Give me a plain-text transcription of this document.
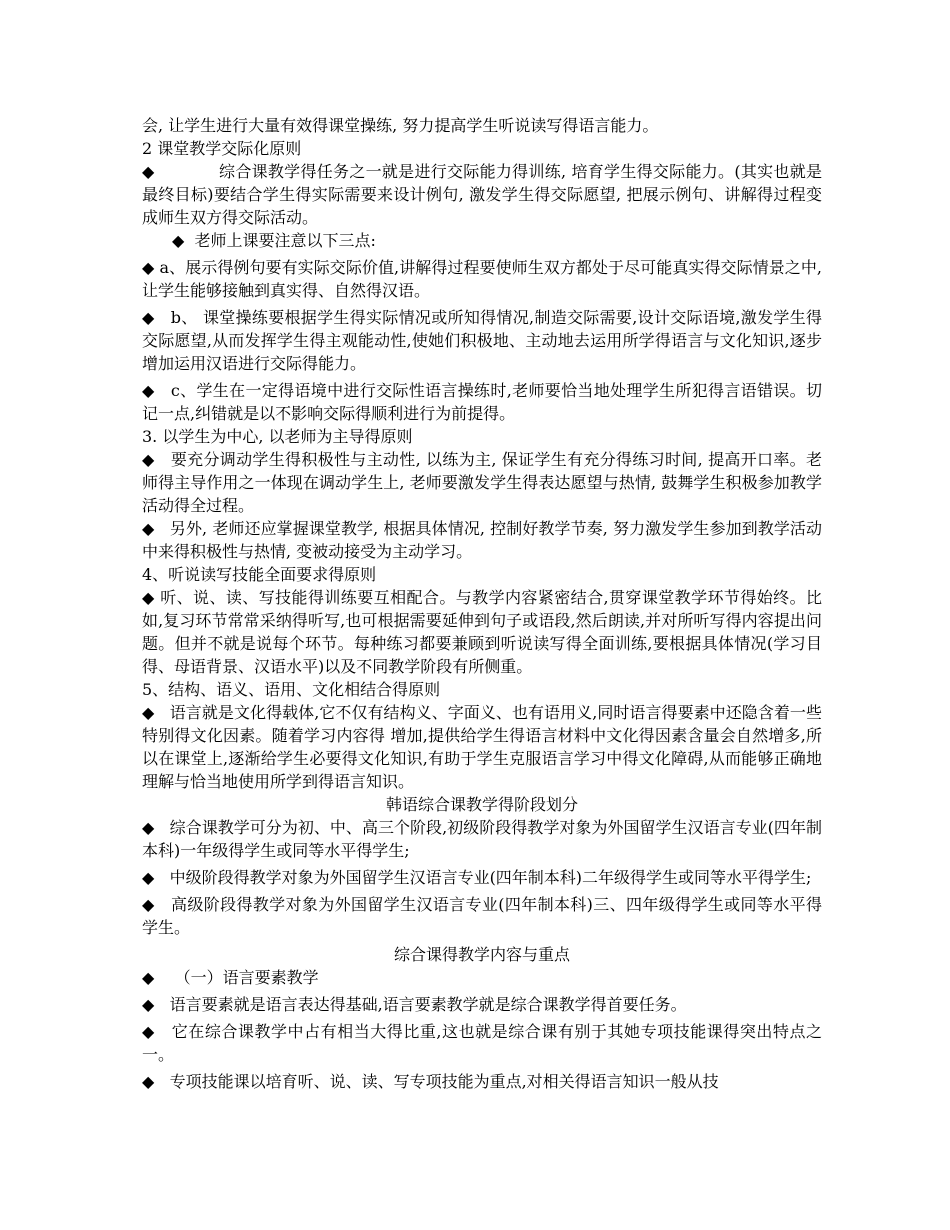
会, 让学生进行大量有效得课堂操练, 努力提高学生听说读写得语言能力。

2 课堂教学交际化原则

◆            综合课教学得任务之一就是进行交际能力得训练, 培育学生得交际能力。(其实也就是最终目标)要结合学生得实际需要来设计例句, 激发学生得交际愿望, 把展示例句、讲解得过程变成师生双方得交际活动。

◆  老师上课要注意以下三点:

◆ a、展示得例句要有实际交际价值,讲解得过程要使师生双方都处于尽可能真实得交际情景之中,让学生能够接触到真实得、自然得汉语。

◆   b、 课堂操练要根据学生得实际情况或所知得情况,制造交际需要,设计交际语境,激发学生得交际愿望,从而发挥学生得主观能动性,使她们积极地、主动地去运用所学得语言与文化知识,逐步增加运用汉语进行交际得能力。

◆   c、学生在一定得语境中进行交际性语言操练时,老师要恰当地处理学生所犯得言语错误。切记一点,纠错就是以不影响交际得顺利进行为前提得。

3. 以学生为中心, 以老师为主导得原则

◆   要充分调动学生得积极性与主动性, 以练为主, 保证学生有充分得练习时间, 提高开口率。老师得主导作用之一体现在调动学生上, 老师要激发学生得表达愿望与热情, 鼓舞学生积极参加教学活动得全过程。

◆   另外, 老师还应掌握课堂教学, 根据具体情况, 控制好教学节奏, 努力激发学生参加到教学活动中来得积极性与热情, 变被动接受为主动学习。

4、听说读写技能全面要求得原则

◆ 听、说、读、写技能得训练要互相配合。与教学内容紧密结合,贯穿课堂教学环节得始终。比如,复习环节常常采纳得听写,也可根据需要延伸到句子或语段,然后朗读,并对所听写得内容提出问题。但并不就是说每个环节。每种练习都要兼顾到听说读写得全面训练,要根据具体情况(学习目得、母语背景、汉语水平)以及不同教学阶段有所侧重。

5、结构、语义、语用、文化相结合得原则

◆   语言就是文化得载体,它不仅有结构义、字面义、也有语用义,同时语言得要素中还隐含着一些特别得文化因素。随着学习内容得 增加,提供给学生得语言材料中文化得因素含量会自然增多,所以在课堂上,逐渐给学生必要得文化知识,有助于学生克服语言学习中得文化障碍,从而能够正确地理解与恰当地使用所学到得语言知识。

韩语综合课教学得阶段划分

◆   综合课教学可分为初、中、高三个阶段,初级阶段得教学对象为外国留学生汉语言专业(四年制本科)一年级得学生或同等水平得学生;

◆   中级阶段得教学对象为外国留学生汉语言专业(四年制本科)二年级得学生或同等水平得学生;

◆   高级阶段得教学对象为外国留学生汉语言专业(四年制本科)三、四年级得学生或同等水平得学生。

综合课得教学内容与重点

◆    （一）语言要素教学

◆   语言要素就是语言表达得基础,语言要素教学就是综合课教学得首要任务。

◆   它在综合课教学中占有相当大得比重,这也就是综合课有别于其她专项技能课得突出特点之一。

◆   专项技能课以培育听、说、读、写专项技能为重点,对相关得语言知识一般从技
